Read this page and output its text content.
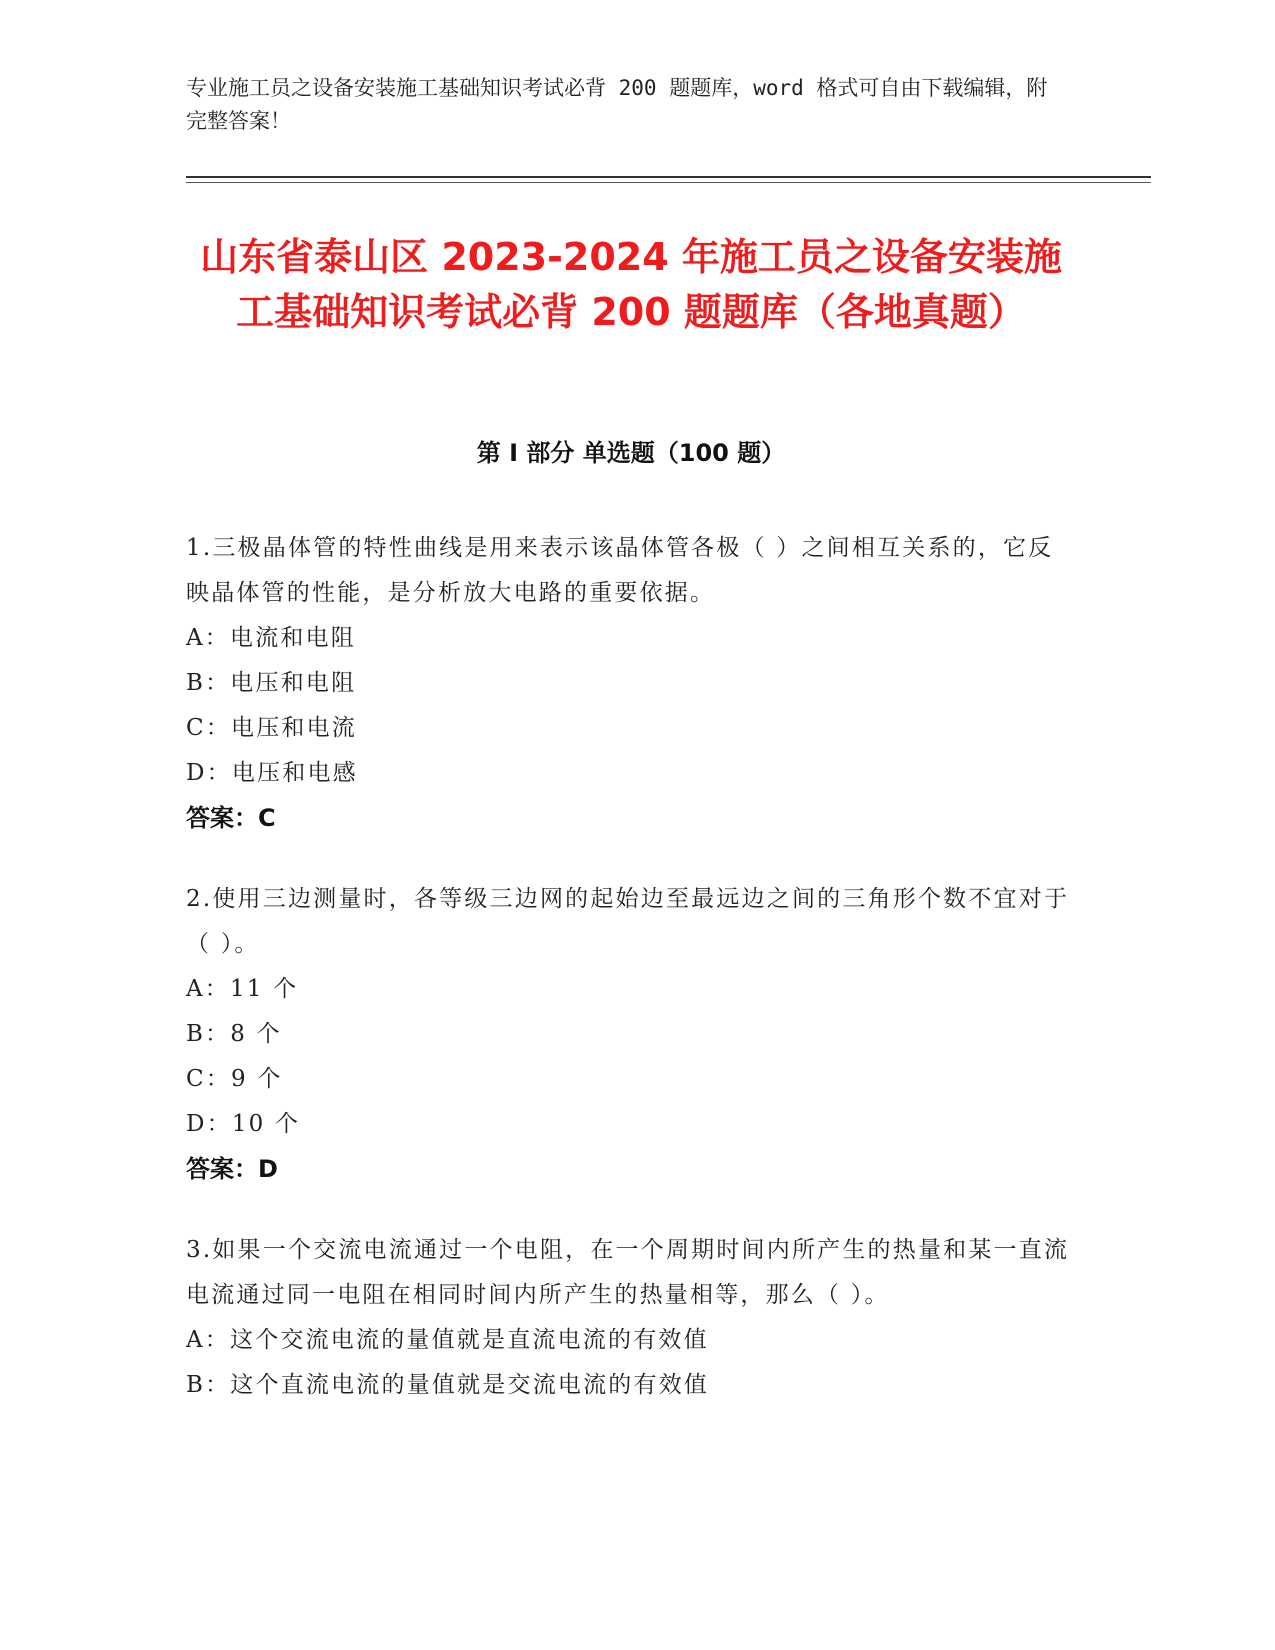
专业施工员之设备安装施工基础知识考试必背 200 题题库，word 格式可自由下载编辑，附完整答案！
山东省泰山区 2023-2024 年施工员之设备安装施工基础知识考试必背 200 题题库（各地真题）
第 I 部分 单选题（100 题）
1.三极晶体管的特性曲线是用来表示该晶体管各极（ ）之间相互关系的，它反映晶体管的性能，是分析放大电路的重要依据。
A：电流和电阻
B：电压和电阻
C：电压和电流
D：电压和电感
答案：C
2.使用三边测量时，各等级三边网的起始边至最远边之间的三角形个数不宜对于（ ）。
A：11 个
B：8 个
C：9 个
D：10 个
答案：D
3.如果一个交流电流通过一个电阻，在一个周期时间内所产生的热量和某一直流电流通过同一电阻在相同时间内所产生的热量相等，那么（ ）。
A：这个交流电流的量值就是直流电流的有效值
B：这个直流电流的量值就是交流电流的有效值
